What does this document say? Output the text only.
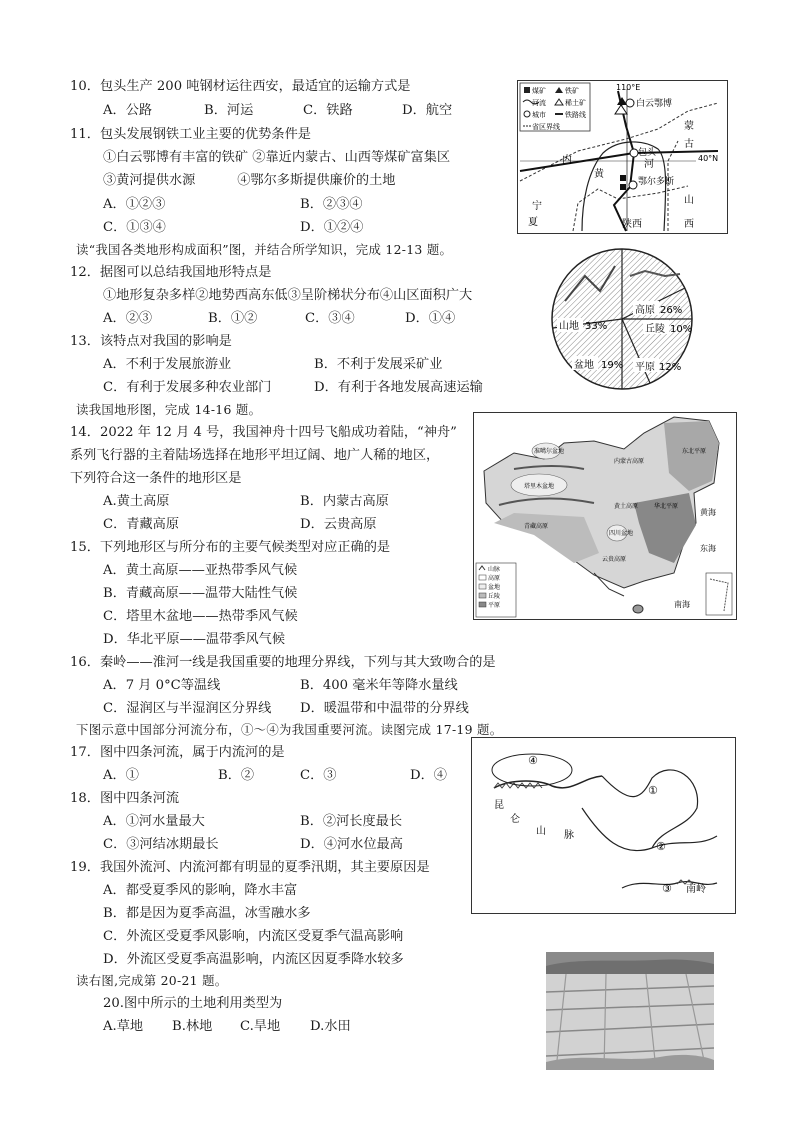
10．包头生产 200 吨钢材运往西安，最适宜的运输方式是
A．公路	B．河运	C．铁路	D．航空
11．包头发展钢铁工业主要的优势条件是
①白云鄂博有丰富的铁矿 ②靠近内蒙古、山西等煤矿富集区
③黄河提供水源          ④鄂尔多斯提供廉价的土地
A．①②③	B．②③④
C．①③④	D．①②④
读“我国各类地形构成面积”图，并结合所学知识，完成 12-13 题。
12．据图可以总结我国地形特点是
①地形复杂多样②地势西高东低③呈阶梯状分布④山区面积广大
A．②③	B．①②	C．③④	D．①④
13．该特点对我国的影响是
A．不利于发展旅游业	B．不利于发展采矿业
C．有利于发展多种农业部门	D．有利于各地发展高速运输
读我国地形图，完成 14-16 题。
14．2022 年 12 月 4 号，我国神舟十四号飞船成功着陆，“神舟”
系列飞行器的主着陆场选择在地形平坦辽阔、地广人稀的地区，
下列符合这一条件的地形区是
A.黄土高原	B．内蒙古高原
C．青藏高原	D．云贵高原
15．下列地形区与所分布的主要气候类型对应正确的是
A．黄土高原——亚热带季风气候
B．青藏高原——温带大陆性气候
C．塔里木盆地——热带季风气候
D．华北平原——温带季风气候
16．秦岭——淮河一线是我国重要的地理分界线，下列与其大致吻合的是
A．7 月 0°C等温线	B．400 毫米年等降水量线
C．湿润区与半湿润区分界线 D．暖温带和中温带的分界线
下图示意中国部分河流分布，①～④为我国重要河流。读图完成 17-19 题。
17．图中四条河流，属于内流河的是
A．①	B．②	C．③	D．④
18．图中四条河流
A．①河水量最大	B．②河长度最长
C．③河结冰期最长	D．④河水位最高
19．我国外流河、内流河都有明显的夏季汛期，其主要原因是
A．都受夏季风的影响，降水丰富
B．都是因为夏季高温，冰雪融水多
C．外流区受夏季风影响，内流区受夏季气温高影响
D．外流区受夏季高温影响，内流区因夏季降水较多
读右图,完成第 20-21 题。
20.图中所示的土地利用类型为
A.草地 B.林地 C.旱地 D.水田
煤矿	铁矿
河流	稀土矿
城市	铁路线
省区界线
110°E
40°N
白云鄂博
蒙
古
内
黄
河
包头
鄂尔多斯
宁
夏	陕西
山
西
高原 26%
丘陵 10%
平原 12%
盆地 19%
山地 33%
准噶尔盆地
塔里木盆地
青藏高原
内蒙古高原
黄土高原
四川盆地
云贵高原
东北平原
华北平原
黄海
东海
南海
山脉
高原
盆地
丘陵
平原
④
昆
仑
山 脉
①
②
③ 南岭
